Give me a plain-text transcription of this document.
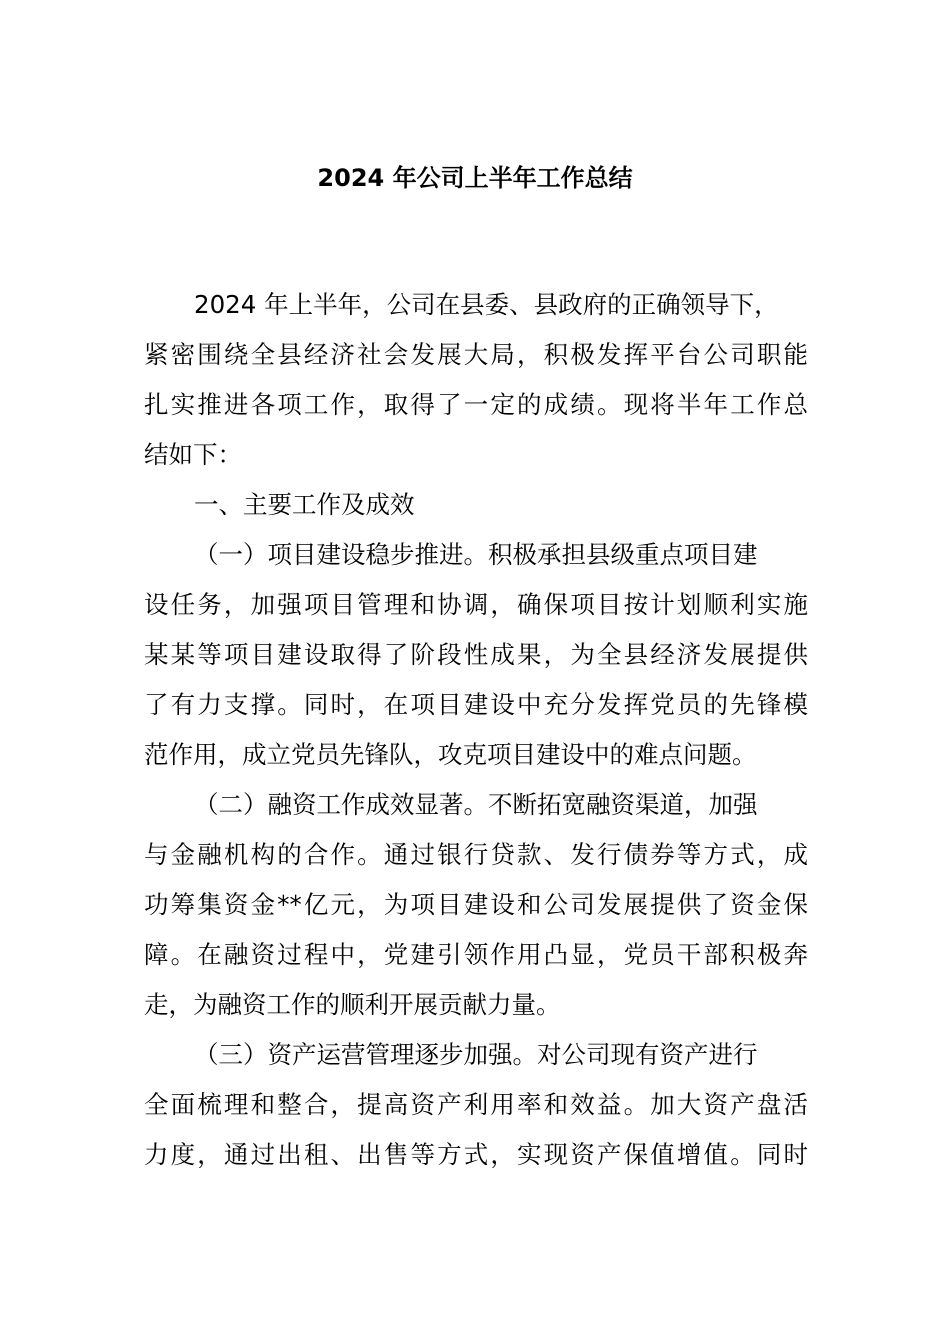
2024 年公司上半年工作总结
2024 年上半年，公司在县委、县政府的正确领导下，
紧密围绕全县经济社会发展大局，积极发挥平台公司职能
扎实推进各项工作，取得了一定的成绩。现将半年工作总
结如下：
一、主要工作及成效
（一）项目建设稳步推进。积极承担县级重点项目建
设任务，加强项目管理和协调，确保项目按计划顺利实施
某某等项目建设取得了阶段性成果，为全县经济发展提供
了有力支撑。同时，在项目建设中充分发挥党员的先锋模
范作用，成立党员先锋队，攻克项目建设中的难点问题。
（二）融资工作成效显著。不断拓宽融资渠道，加强
与金融机构的合作。通过银行贷款、发行债券等方式，成
功筹集资金**亿元，为项目建设和公司发展提供了资金保
障。在融资过程中，党建引领作用凸显，党员干部积极奔
走，为融资工作的顺利开展贡献力量。
（三）资产运营管理逐步加强。对公司现有资产进行
全面梳理和整合，提高资产利用率和效益。加大资产盘活
力度，通过出租、出售等方式，实现资产保值增值。同时
